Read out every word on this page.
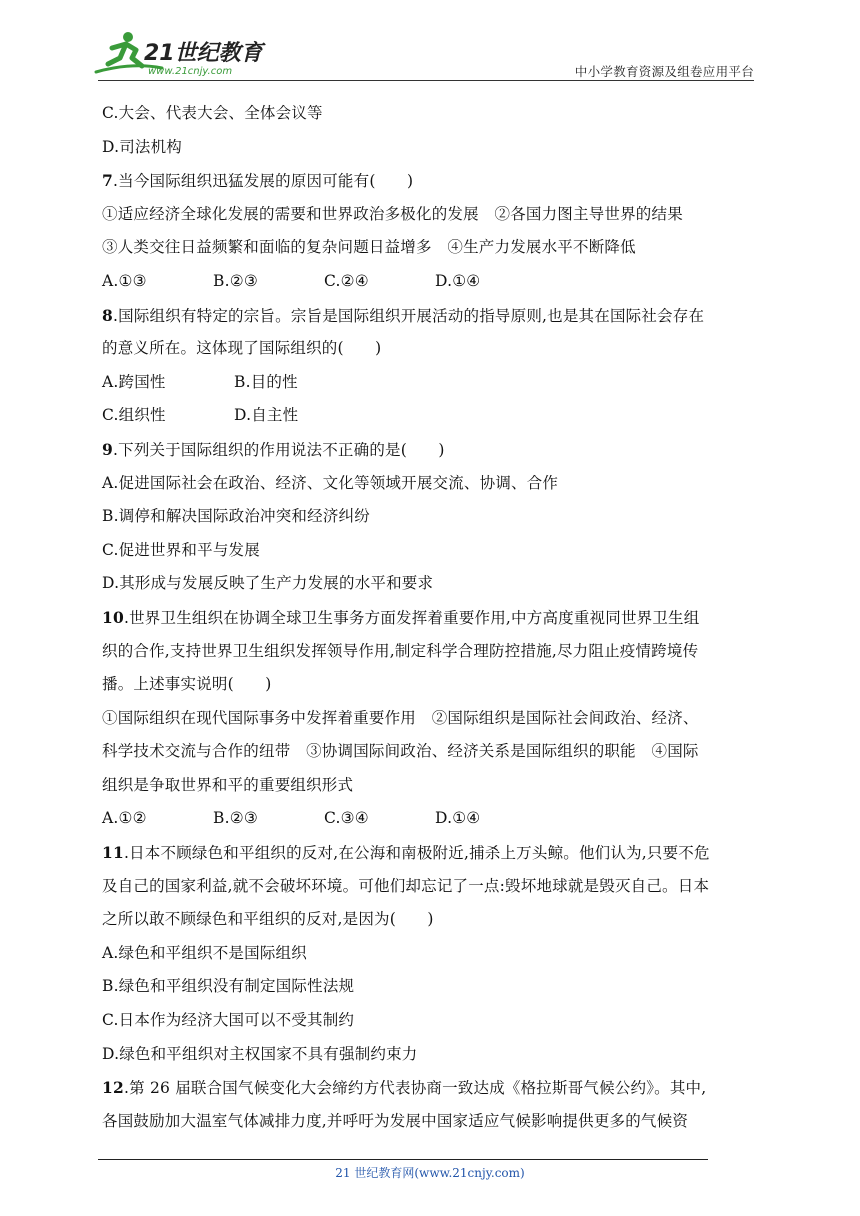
21世纪教育
www.21cnjy.com	中小学教育资源及组卷应用平台
C.大会、代表大会、全体会议等
D.司法机构
7.当今国际组织迅猛发展的原因可能有(　　)
①适应经济全球化发展的需要和世界政治多极化的发展　②各国力图主导世界的结果
③人类交往日益频繁和面临的复杂问题日益增多　④生产力发展水平不断降低
A.①③	B.②③	C.②④	D.①④
8.国际组织有特定的宗旨。宗旨是国际组织开展活动的指导原则,也是其在国际社会存在
的意义所在。这体现了国际组织的(　　)
A.跨国性	B.目的性
C.组织性	D.自主性
9.下列关于国际组织的作用说法不正确的是(　　)
A.促进国际社会在政治、经济、文化等领域开展交流、协调、合作
B.调停和解决国际政治冲突和经济纠纷
C.促进世界和平与发展
D.其形成与发展反映了生产力发展的水平和要求
10.世界卫生组织在协调全球卫生事务方面发挥着重要作用,中方高度重视同世界卫生组
织的合作,支持世界卫生组织发挥领导作用,制定科学合理防控措施,尽力阻止疫情跨境传
播。上述事实说明(　　)
①国际组织在现代国际事务中发挥着重要作用　②国际组织是国际社会间政治、经济、
科学技术交流与合作的纽带　③协调国际间政治、经济关系是国际组织的职能　④国际
组织是争取世界和平的重要组织形式
A.①②	B.②③	C.③④	D.①④
11.日本不顾绿色和平组织的反对,在公海和南极附近,捕杀上万头鲸。他们认为,只要不危
及自己的国家利益,就不会破坏环境。可他们却忘记了一点:毁坏地球就是毁灭自己。日本
之所以敢不顾绿色和平组织的反对,是因为(　　)
A.绿色和平组织不是国际组织
B.绿色和平组织没有制定国际性法规
C.日本作为经济大国可以不受其制约
D.绿色和平组织对主权国家不具有强制约束力
12.第 26 届联合国气候变化大会缔约方代表协商一致达成《格拉斯哥气候公约》。其中,
各国鼓励加大温室气体减排力度,并呼吁为发展中国家适应气候影响提供更多的气候资
21 世纪教育网(www.21cnjy.com)
